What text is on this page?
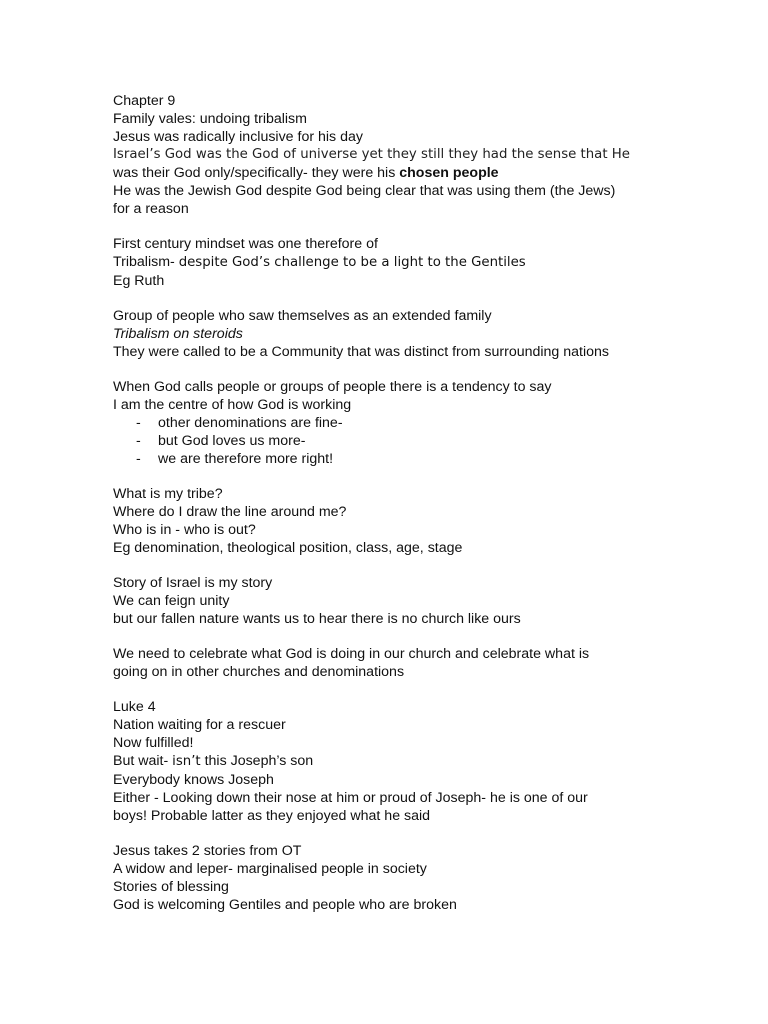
Chapter 9

Family vales: undoing tribalism

Jesus was radically inclusive for his day

Israel’s God was the God of universe yet they still they had the sense that He

was their God only/specifically- they were his chosen people

He was the Jewish God despite God being clear that was using them (the Jews)

for a reason

First century mindset was one therefore of

Tribalism- despite God’s challenge to be a light to the Gentiles

Eg Ruth

Group of people who saw themselves as an extended family

Tribalism on steroids

They were called to be a Community that was distinct from surrounding nations

When God calls people or groups of people there is a tendency to say

I am the centre of how God is working

- other denominations are fine-
- but God loves us more-
- we are therefore more right!

What is my tribe?

Where do I draw the line around me?

Who is in - who is out?

Eg denomination, theological position, class, age, stage

Story of Israel is my story

We can feign unity

but our fallen nature wants us to hear there is no church like ours

We need to celebrate what God is doing in our church and celebrate what is

going on in other churches and denominations

Luke 4

Nation waiting for a rescuer

Now fulfilled!

But wait- isn’t this Joseph’s son

Everybody knows Joseph

Either - Looking down their nose at him or proud of Joseph- he is one of our

boys! Probable latter as they enjoyed what he said

Jesus takes 2 stories from OT

A widow and leper- marginalised people in society

Stories of blessing

God is welcoming Gentiles and people who are broken
